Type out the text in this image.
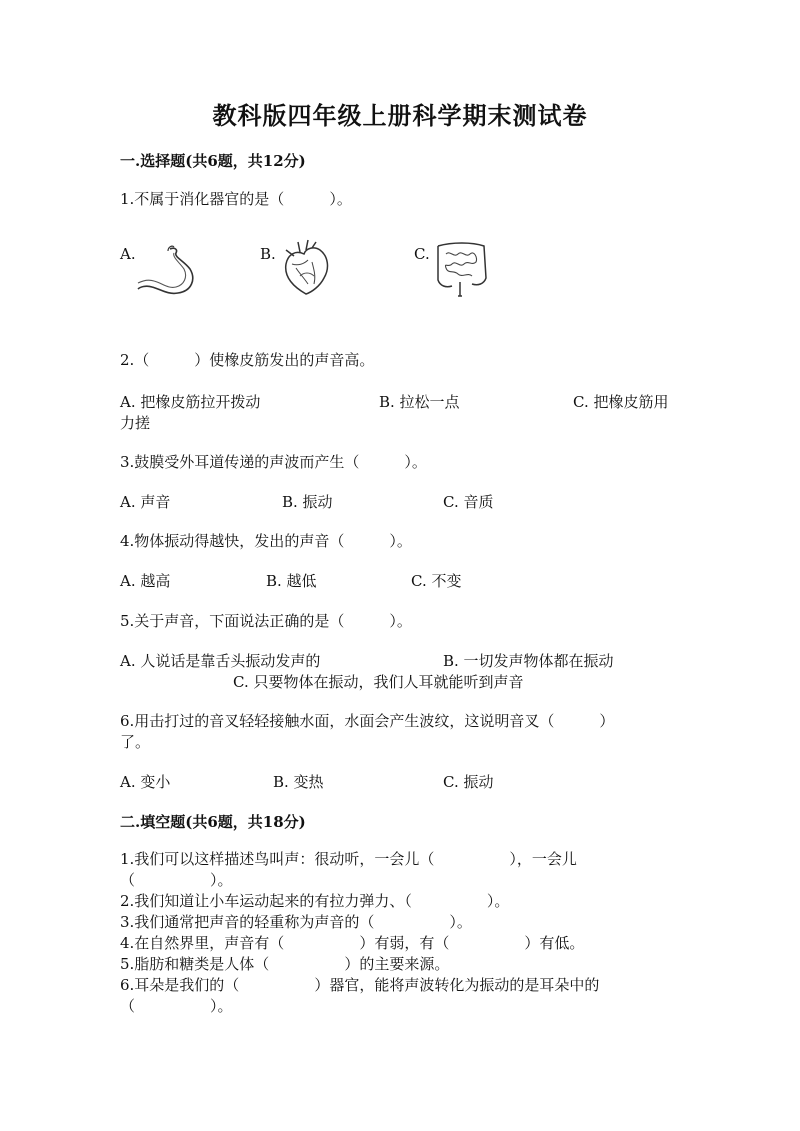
教科版四年级上册科学期末测试卷
一.选择题(共6题，共12分)
1.不属于消化器官的是（　　　）。
A.	B.	C.
2.（　　　）使橡皮筋发出的声音高。
A. 把橡皮筋拉开拨动	B. 拉松一点	C. 把橡皮筋用
力搓
3.鼓膜受外耳道传递的声波而产生（　　　）。
A. 声音	B. 振动	C. 音质
4.物体振动得越快，发出的声音（　　　）。
A. 越高	B. 越低	C. 不变
5.关于声音，下面说法正确的是（　　　）。
A. 人说话是靠舌头振动发声的	B. 一切发声物体都在振动
C. 只要物体在振动，我们人耳就能听到声音
6.用击打过的音叉轻轻接触水面，水面会产生波纹，这说明音叉（　　　）
了。
A. 变小	B. 变热	C. 振动
二.填空题(共6题，共18分)
1.我们可以这样描述鸟叫声：很动听，一会儿（　　　　　），一会儿
（　　　　　）。
2.我们知道让小车运动起来的有拉力弹力、（　　　　　）。
3.我们通常把声音的轻重称为声音的（　　　　　）。
4.在自然界里，声音有（　　　　　）有弱，有（　　　　　）有低。
5.脂肪和糖类是人体（　　　　　）的主要来源。
6.耳朵是我们的（　　　　　）器官，能将声波转化为振动的是耳朵中的
（　　　　　）。
